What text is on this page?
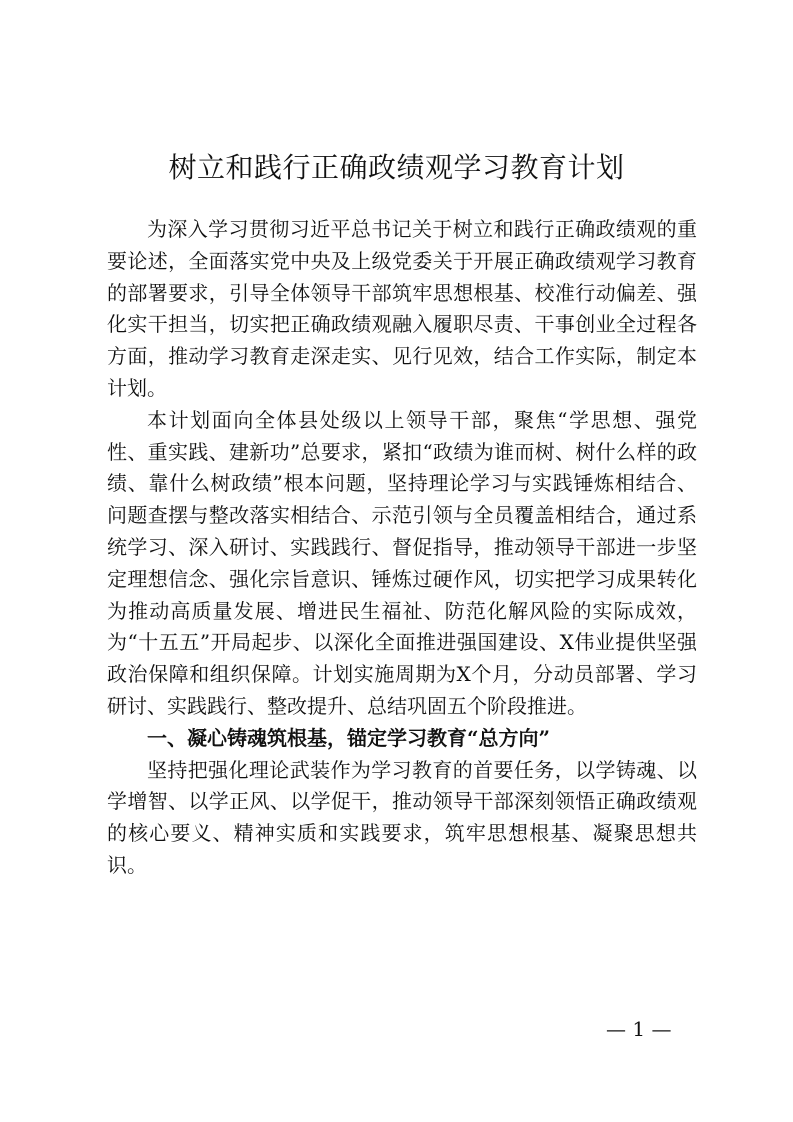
树立和践行正确政绩观学习教育计划

为深入学习贯彻习近平总书记关于树立和践行正确政绩观的重要论述，全面落实党中央及上级党委关于开展正确政绩观学习教育的部署要求，引导全体领导干部筑牢思想根基、校准行动偏差、强化实干担当，切实把正确政绩观融入履职尽责、干事创业全过程各方面，推动学习教育走深走实、见行见效，结合工作实际，制定本计划。

本计划面向全体县处级以上领导干部，聚焦“学思想、强党性、重实践、建新功”总要求，紧扣“政绩为谁而树、树什么样的政绩、靠什么树政绩”根本问题，坚持理论学习与实践锤炼相结合、问题查摆与整改落实相结合、示范引领与全员覆盖相结合，通过系统学习、深入研讨、实践践行、督促指导，推动领导干部进一步坚定理想信念、强化宗旨意识、锤炼过硬作风，切实把学习成果转化为推动高质量发展、增进民生福祉、防范化解风险的实际成效，为“十五五”开局起步、以深化全面推进强国建设、X伟业提供坚强政治保障和组织保障。计划实施周期为X个月，分动员部署、学习研讨、实践践行、整改提升、总结巩固五个阶段推进。

一、凝心铸魂筑根基，锚定学习教育“总方向”

坚持把强化理论武装作为学习教育的首要任务，以学铸魂、以学增智、以学正风、以学促干，推动领导干部深刻领悟正确政绩观的核心要义、精神实质和实践要求，筑牢思想根基、凝聚思想共识。

— 1 —
